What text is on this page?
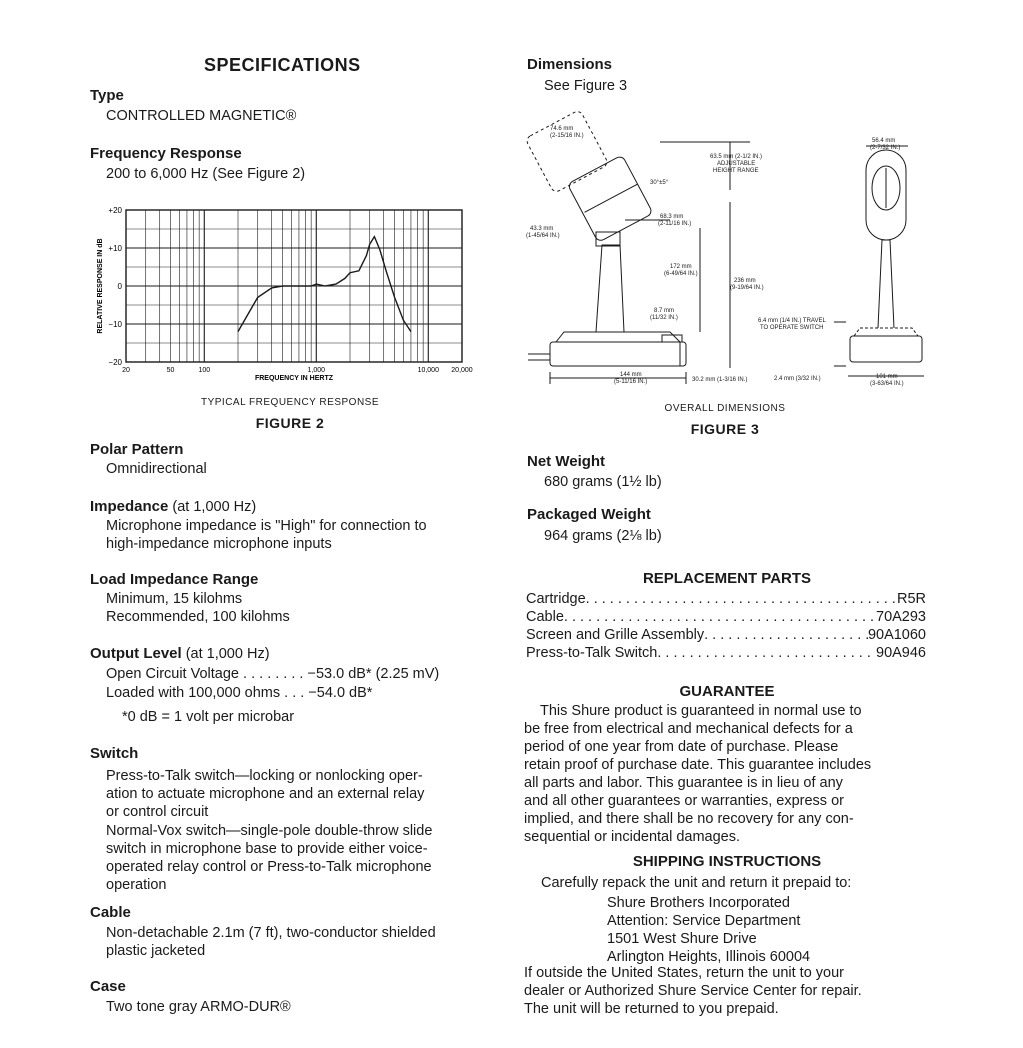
SPECIFICATIONS
Type
CONTROLLED MAGNETIC®
Frequency Response
200 to 6,000 Hz (See Figure 2)
+20
+10
0
−10
−20
20	50	100	1,000	10,000 20,000
RELATIVE RESPONSE IN dB
FREQUENCY IN HERTZ
TYPICAL FREQUENCY RESPONSE
FIGURE 2
Polar Pattern
Omnidirectional
Impedance (at 1,000 Hz)
Microphone impedance is "High" for connection to
high-impedance microphone inputs
Load Impedance Range
Minimum, 15 kilohms
Recommended, 100 kilohms
Output Level (at 1,000 Hz)
Open Circuit Voltage . . . . . . . . −53.0 dB* (2.25 mV)
Loaded with 100,000 ohms . . . −54.0 dB*
*0 dB = 1 volt per microbar
Switch
Press-to-Talk switch—locking or nonlocking oper-
ation to actuate microphone and an external relay
or control circuit
Normal-Vox switch—single-pole double-throw slide
switch in microphone base to provide either voice-
operated relay control or Press-to-Talk microphone
operation
Cable
Non-detachable 2.1m (7 ft), two-conductor shielded
plastic jacketed
Case
Two tone gray ARMO-DUR®
Dimensions
See Figure 3
74.6 mm
(2-15/16 IN.)
63.5 mm (2-1/2 IN.)
ADJUSTABLE
HEIGHT RANGE
30°±5°
43.3 mm
(1-45/64 IN.)
68.3 mm
(2-11/16 IN.)
172 mm
(6-49/64 IN.)
236 mm
(9-19/64 IN.)
8.7 mm
(11/32 IN.)
144 mm
(5-11/16 IN.)	30.2 mm (1-3/16 IN.)
56.4 mm
(2-7/32 IN.)
6.4 mm (1/4 IN.) TRAVEL
TO OPERATE SWITCH
2.4 mm (3/32 IN.)	101 mm
(3-63/64 IN.)
OVERALL DIMENSIONS
FIGURE 3
Net Weight
680 grams (1½ lb)
Packaged Weight
964 grams (2⅛ lb)
REPLACEMENT PARTS
Cartridge . . .	R5R
Cable . . .	70A293
Screen and Grille Assembly . . .	90A1060
Press-to-Talk Switch . . .	90A946
GUARANTEE
This Shure product is guaranteed in normal use to
be free from electrical and mechanical defects for a
period of one year from date of purchase. Please
retain proof of purchase date. This guarantee includes
all parts and labor. This guarantee is in lieu of any
and all other guarantees or warranties, express or
implied, and there shall be no recovery for any con-
sequential or incidental damages.
SHIPPING INSTRUCTIONS
Carefully repack the unit and return it prepaid to:
Shure Brothers Incorporated
Attention: Service Department
1501 West Shure Drive
Arlington Heights, Illinois 60004
If outside the United States, return the unit to your
dealer or Authorized Shure Service Center for repair.
The unit will be returned to you prepaid.
